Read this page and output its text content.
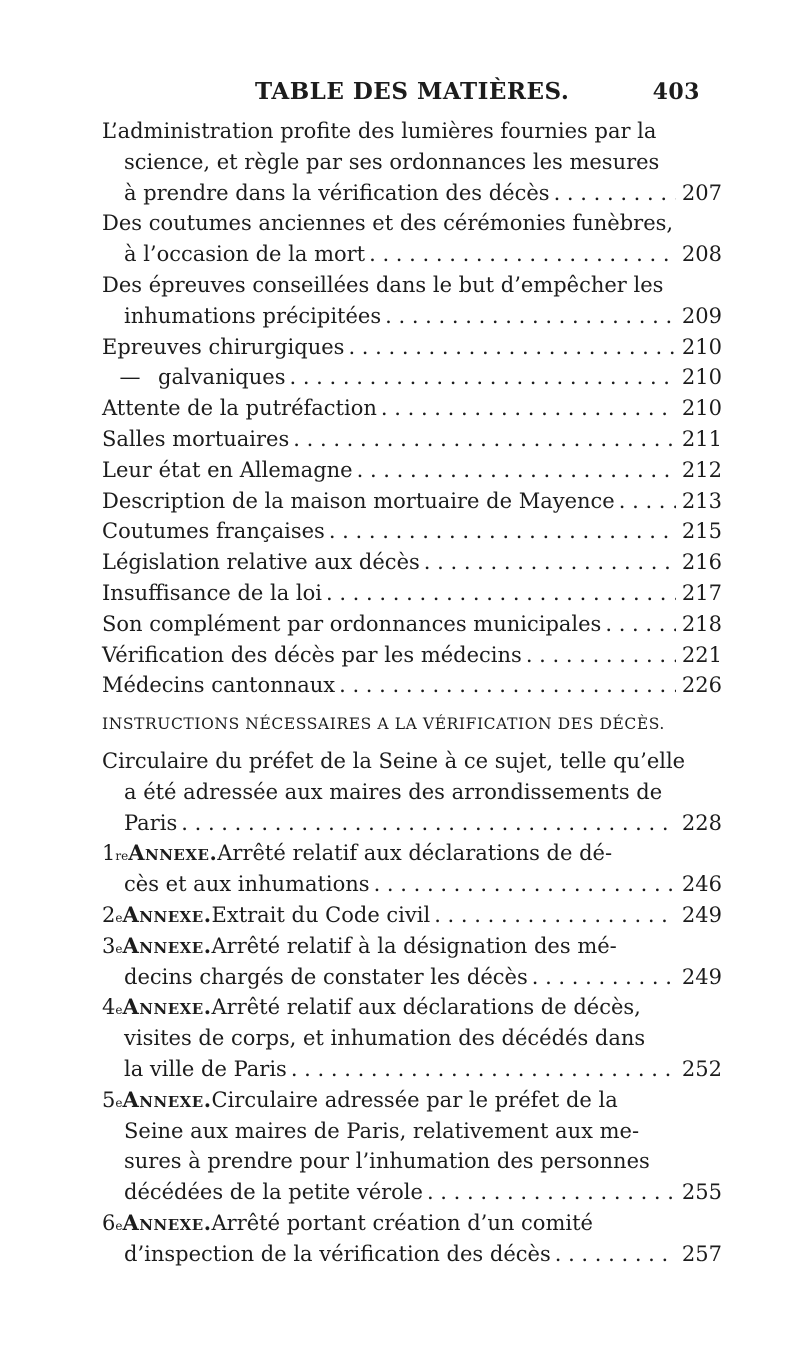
TABLE DES MATIÈRES.	403
L’administration profite des lumières fournies par la
science, et règle par ses ordonnances les mesures
à prendre dans la vérification des décès . . .	207
Des coutumes anciennes et des cérémonies funèbres,
à l’occasion de la mort . . .	208
Des épreuves conseillées dans le but d’empêcher les
inhumations précipitées . . .	209
Epreuves chirurgiques . . .	210
— galvaniques . . .	210
Attente de la putréfaction . . .	210
Salles mortuaires . . .	211
Leur état en Allemagne . . .	212
Description de la maison mortuaire de Mayence . . .	213
Coutumes françaises . . .	215
Législation relative aux décès . . .	216
Insuffisance de la loi . . .	217
Son complément par ordonnances municipales . . .	218
Vérification des décès par les médecins . . .	221
Médecins cantonnaux . . .	226
INSTRUCTIONS NÉCESSAIRES A LA VÉRIFICATION DES DÉCÈS.
Circulaire du préfet de la Seine à ce sujet, telle qu’elle
a été adressée aux maires des arrondissements de
Paris . . .	228
1 re Annexe. Arrêté relatif aux déclarations de dé-
cès et aux inhumations . . .	246
2 e Annexe. Extrait du Code civil . . .	249
3 e Annexe. Arrêté relatif à la désignation des mé-
decins chargés de constater les décès . . .	249
4 e Annexe. Arrêté relatif aux déclarations de décès,
visites de corps, et inhumation des décédés dans
la ville de Paris . . .	252
5 e Annexe. Circulaire adressée par le préfet de la
Seine aux maires de Paris, relativement aux me-
sures à prendre pour l’inhumation des personnes
décédées de la petite vérole . . .	255
6 e Annexe. Arrêté portant création d’un comité
d’inspection de la vérification des décès . . .	257
